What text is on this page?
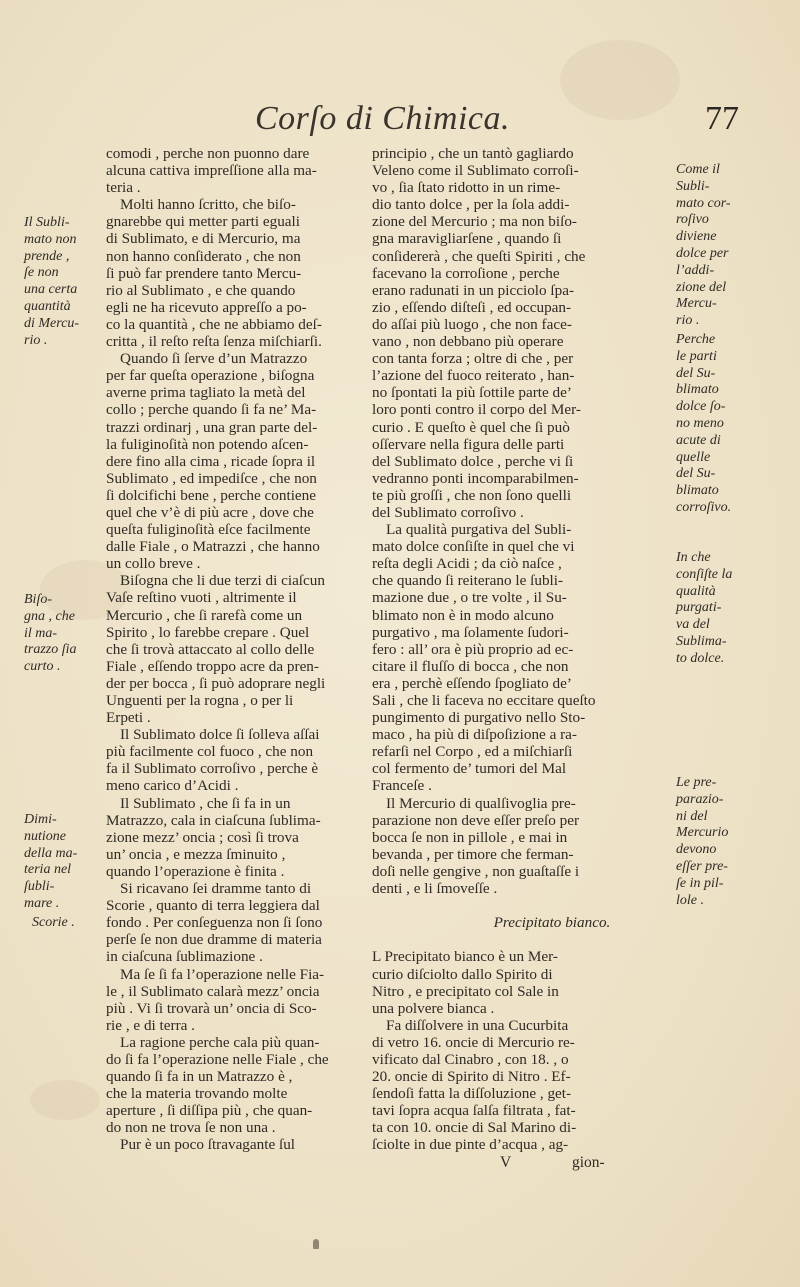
Corſo di Chimica.	77
comodi , perche non puonno dare
alcuna cattiva impreſſione alla ma-
teria .
Molti hanno ſcritto, che biſo-
gnarebbe qui metter parti eguali
di Sublimato, e di Mercurio, ma
non hanno conſiderato , che non
ſi può far prendere tanto Mercu-
rio al Sublimato , e che quando
egli ne ha ricevuto appreſſo a po-
co la quantità , che ne abbiamo deſ-
critta , il reſto reſta ſenza miſchiarſi.
Quando ſi ſerve d’un Matrazzo
per far queſta operazione , biſogna
averne prima tagliato la metà del
collo ; perche quando ſi fa ne’ Ma-
trazzi ordinarj , una gran parte del-
la fuliginoſità non potendo aſcen-
dere fino alla cima , ricade ſopra il
Sublimato , ed impediſce , che non
ſi dolcifichi bene , perche contiene
quel che v’è di più acre , dove che
queſta fuliginoſità eſce facilmente
dalle Fiale , o Matrazzi , che hanno
un collo breve .
Biſogna che li due terzi di ciaſcun
Vaſe reſtino vuoti , altrimente il
Mercurio , che ſi rarefà come un
Spirito , lo farebbe crepare . Quel
che ſi trovà attaccato al collo delle
Fiale , eſſendo troppo acre da pren-
der per bocca , ſi può adoprare negli
Unguenti per la rogna , o per li
Erpeti .
Il Sublimato dolce ſi ſolleva aſſai
più facilmente col fuoco , che non
fa il Sublimato corroſivo , perche è
meno carico d’Acidi .
Il Sublimato , che ſi fa in un
Matrazzo, cala in ciaſcuna ſublima-
zione mezz’ oncia ; così ſi trova
un’ oncia , e mezza ſminuito ,
quando l’operazione è finita .
Si ricavano ſei dramme tanto di
Scorie , quanto di terra leggiera dal
fondo . Per conſeguenza non ſi ſono
perſe ſe non due dramme di materia
in ciaſcuna ſublimazione .
Ma ſe ſi fa l’operazione nelle Fia-
le , il Sublimato calarà mezz’ oncia
più . Vi ſi trovarà un’ oncia di Sco-
rie , e di terra .
La ragione perche cala più quan-
do ſi fa l’operazione nelle Fiale , che
quando ſi fa in un Matrazzo è ,
che la materia trovando molte
aperture , ſi diſſipa più , che quan-
do non ne trova ſe non una .
Pur è un poco ſtravagante ſul
principio , che un tantò gagliardo
Veleno come il Sublimato corroſi-
vo , ſia ſtato ridotto in un rime-
dio tanto dolce , per la ſola addi-
zione del Mercurio ; ma non biſo-
gna maravigliarſene , quando ſi
conſidererà , che queſti Spiriti , che
facevano la corroſione , perche
erano radunati in un picciolo ſpa-
zio , eſſendo diſteſi , ed occupan-
do aſſai più luogo , che non face-
vano , non debbano più operare
con tanta forza ; oltre di che , per
l’azione del fuoco reiterato , han-
no ſpontati la più ſottile parte de’
loro ponti contro il corpo del Mer-
curio . E queſto è quel che ſi può
oſſervare nella figura delle parti
del Sublimato dolce , perche vi ſi
vedranno ponti incomparabilmen-
te più groſſi , che non ſono quelli
del Sublimato corroſivo .
La qualità purgativa del Subli-
mato dolce conſiſte in quel che vi
reſta degli Acidi ; da ciò naſce ,
che quando ſi reiterano le ſubli-
mazione due , o tre volte , il Su-
blimato non è in modo alcuno
purgativo , ma ſolamente ſudori-
fero : all’ ora è più proprio ad ec-
citare il fluſſo di bocca , che non
era , perchè eſſendo ſpogliato de’
Sali , che li faceva no eccitare queſto
pungimento di purgativo nello Sto-
maco , ha più di diſpoſizione a ra-
refarſi nel Corpo , ed a miſchiarſi
col fermento de’ tumori del Mal
Franceſe .
Il Mercurio di qualſivoglia pre-
parazione non deve eſſer preſo per
bocca ſe non in pillole , e mai in
bevanda , per timore che ferman-
doſi nelle gengive , non guaſtaſſe i
denti , e li ſmoveſſe .

Precipitato bianco.

L Precipitato bianco è un Mer-
curio diſciolto dallo Spirito di
Nitro , e precipitato col Sale in
una polvere bianca .
Fa diſſolvere in una Cucurbita
di vetro 16. oncie di Mercurio re-
vificato dal Cinabro , con 18. , o
20. oncie di Spirito di Nitro . Ef-
ſendoſi fatta la diſſoluzione , get-
tavi ſopra acqua ſalſa filtrata , fat-
ta con 10. oncie di Sal Marino di-
ſciolte in due pinte d’acqua , ag-
V	gion-
Il Subli-
mato non
prende ,
ſe non
una certa
quantità
di Mercu-
rio .
Biſo-
gna , che
il ma-
trazzo ſia
curto .
Dimi-
nutione
della ma-
teria nel
ſubli-
mare .
Scorie .
Come il
Subli-
mato cor-
roſivo
diviene
dolce per
l’addi-
zione del
Mercu-
rio .
Perche
le parti
del Su-
blimato
dolce ſo-
no meno
acute di
quelle
del Su-
blimato
corroſivo.
In che
conſiſte la
qualità
purgati-
va del
Sublima-
to dolce.
Le pre-
parazio-
ni del
Mercurio
devono
eſſer pre-
ſe in pil-
lole .
